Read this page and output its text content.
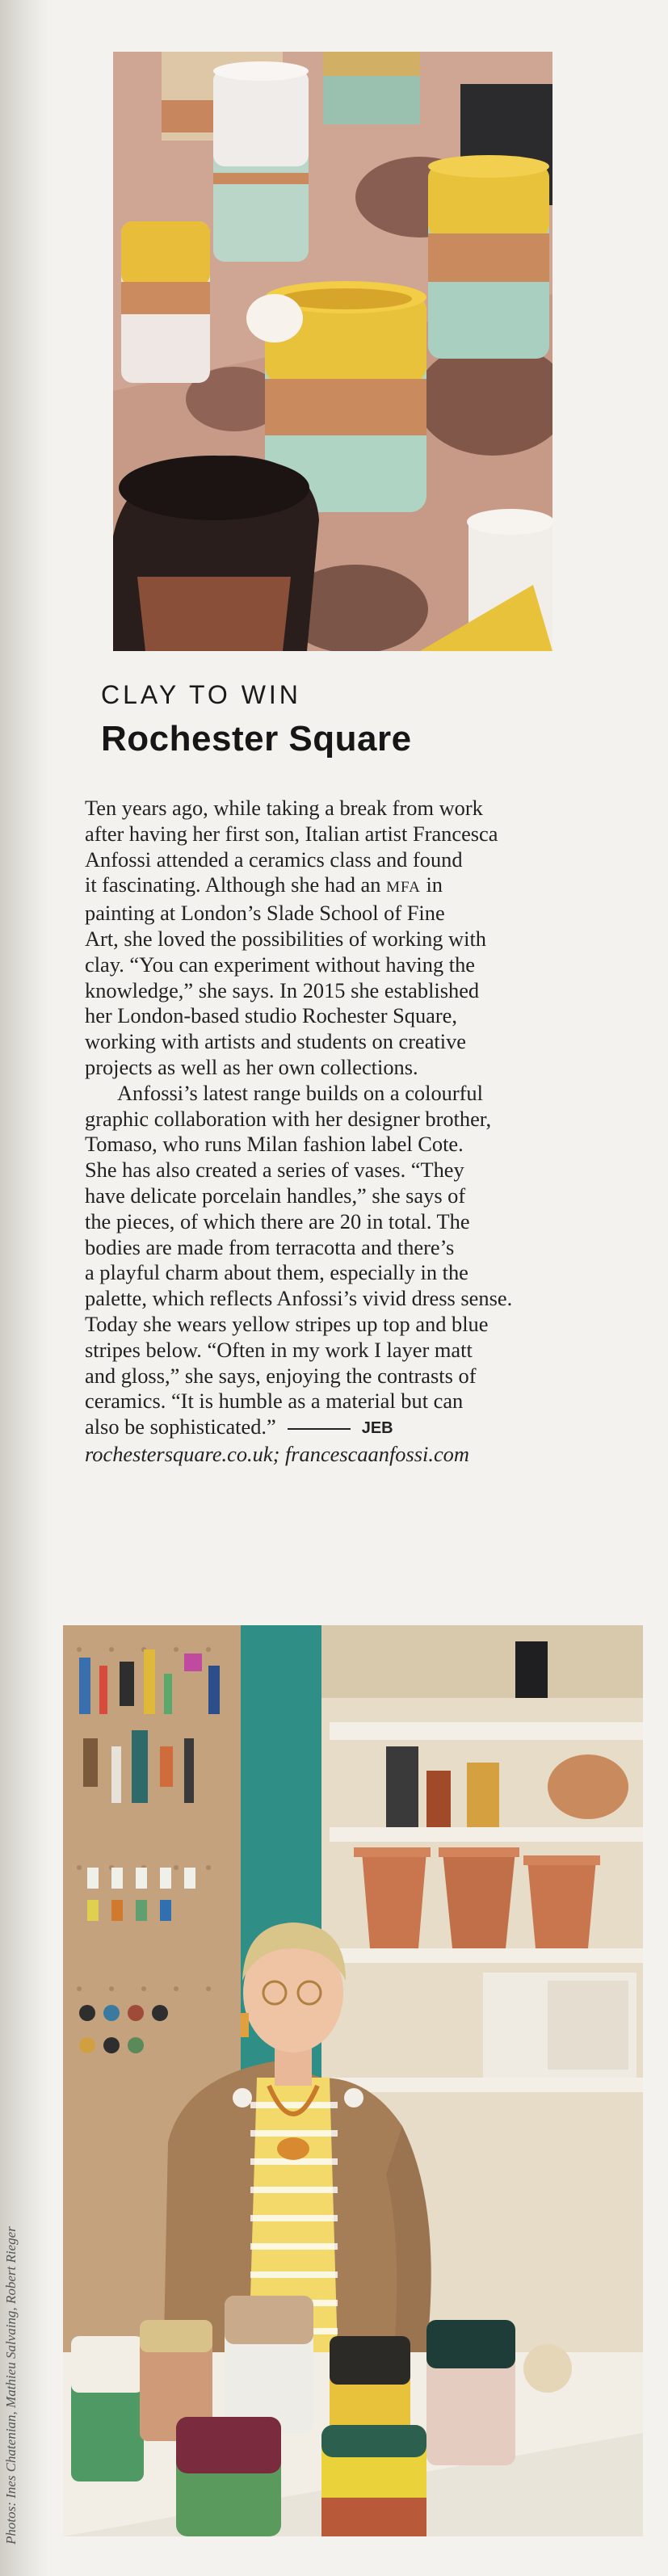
CLAY TO WIN
Rochester Square
Ten years ago, while taking a break from work
after having her first son, Italian artist Francesca
Anfossi attended a ceramics class and found
it fascinating. Although she had an MFA in
painting at London’s Slade School of Fine
Art, she loved the possibilities of working with
clay. “You can experiment without having the
knowledge,” she says. In 2015 she established
her London-based studio Rochester Square,
working with artists and students on creative
projects as well as her own collections.
Anfossi’s latest range builds on a colourful
graphic collaboration with her designer brother,
Tomaso, who runs Milan fashion label Cote.
She has also created a series of vases. “They
have delicate porcelain handles,” she says of
the pieces, of which there are 20 in total. The
bodies are made from terracotta and there’s
a playful charm about them, especially in the
palette, which reflects Anfossi’s vivid dress sense.
Today she wears yellow stripes up top and blue
stripes below. “Often in my work I layer matt
and gloss,” she says, enjoying the contrasts of
ceramics. “It is humble as a material but can
also be sophisticated.”	JEB
rochestersquare.co.uk; francescaanfossi.com
Photos: Ines Chatenian, Mathieu Salvaing, Robert Rieger
